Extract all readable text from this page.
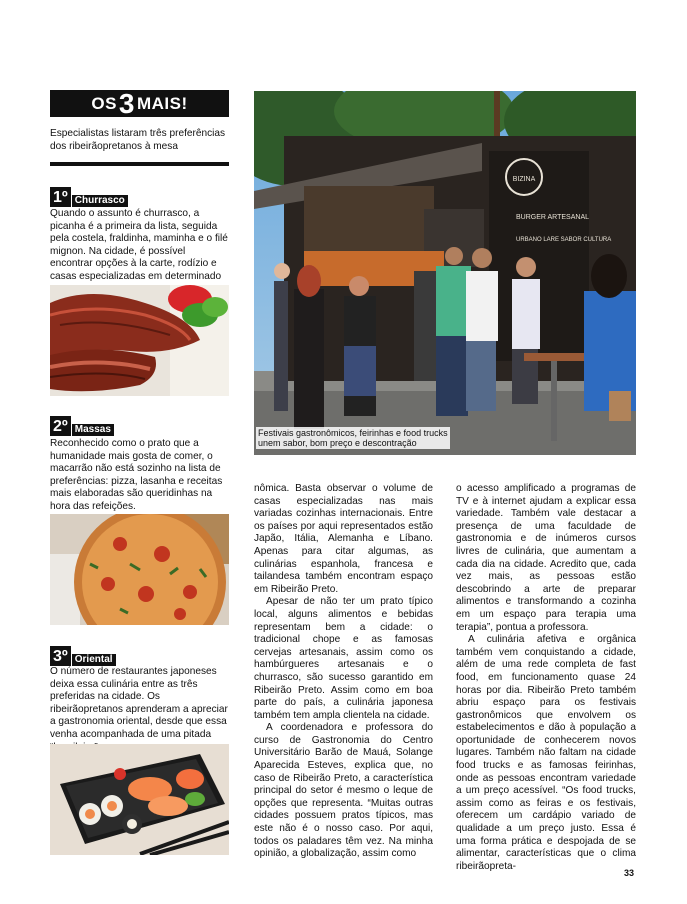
OS 3 MAIS!
Especialistas listaram três preferências dos ribeirãopretanos à mesa
1º Churrasco
Quando o assunto é churrasco, a picanha é a primeira da lista, seguida pela costela, fraldinha, maminha e o filé mignon. Na cidade, é possível encontrar opções à la carte, rodízio e casas especializadas em determinado
2º Massas
Reconhecido como o prato que a humanidade mais gosta de comer, o macarrão não está sozinho na lista de preferências: pizza, lasanha e receitas mais elaboradas são queridinhas na hora das refeições.
3º Oriental
O número de restaurantes japoneses deixa essa culinária entre as três preferidas na cidade. Os ribeirãopretanos aprenderam a apreciar a gastronomia oriental, desde que essa venha acompanhada de uma pitada
BIZINA
BURGER ARTESANAL
URBANO LARE SABOR CULTURA
Festivais gastronômicos, feirinhas e food trucks
unem sabor, bom preço e descontração

nômica. Basta observar o volume de casas especializadas nas mais variadas cozinhas internacionais. Entre os países por aqui representados estão Japão, Itália, Alemanha e Líbano. Apenas para citar algumas, as culinárias espanhola, francesa e tailandesa também encontram espaço em Ribeirão Preto.

Apesar de não ter um prato típico local, alguns alimentos e bebidas representam bem a cidade: o tradicional chope e as famosas cervejas artesanais, assim como os hambúrgueres artesanais e o churrasco, são sucesso garantido em Ribeirão Preto. Assim como em boa parte do país, a culinária japonesa também tem ampla clientela na cidade.

A coordenadora e professora do curso de Gastronomia do Centro Universitário Barão de Mauá, Solange Aparecida Esteves, explica que, no caso de Ribeirão Preto, a característica principal do setor é mesmo o leque de opções que representa. “Muitas outras cidades possuem pratos típicos, mas este não é o nosso caso. Por aqui, todos os paladares têm vez. Na minha opinião, a globalização, assim como

o acesso amplificado a programas de TV e à internet ajudam a explicar essa variedade. Também vale destacar a presença de uma faculdade de gastronomia e de inúmeros cursos livres de culinária, que aumentam a cada dia na cidade. Acredito que, cada vez mais, as pessoas estão descobrindo a arte de preparar alimentos e transformando a cozinha em um espaço para terapia uma terapia”, pontua a professora.

A culinária afetiva e orgânica também vem conquistando a cidade, além de uma rede completa de fast food, em funcionamento quase 24 horas por dia. Ribeirão Preto também abriu espaço para os festivais gastronômicos que envolvem os estabelecimentos e dão à população a oportunidade de conhecerem novos lugares. Também não faltam na cidade food trucks e as famosas feirinhas, onde as pessoas encontram variedade a um preço acessível. “Os food trucks, assim como as feiras e os festivais, oferecem um cardápio variado de qualidade a um preço justo. Essa é uma forma prática e despojada de se alimentar, características que o clima ribeirãopreta-

33
